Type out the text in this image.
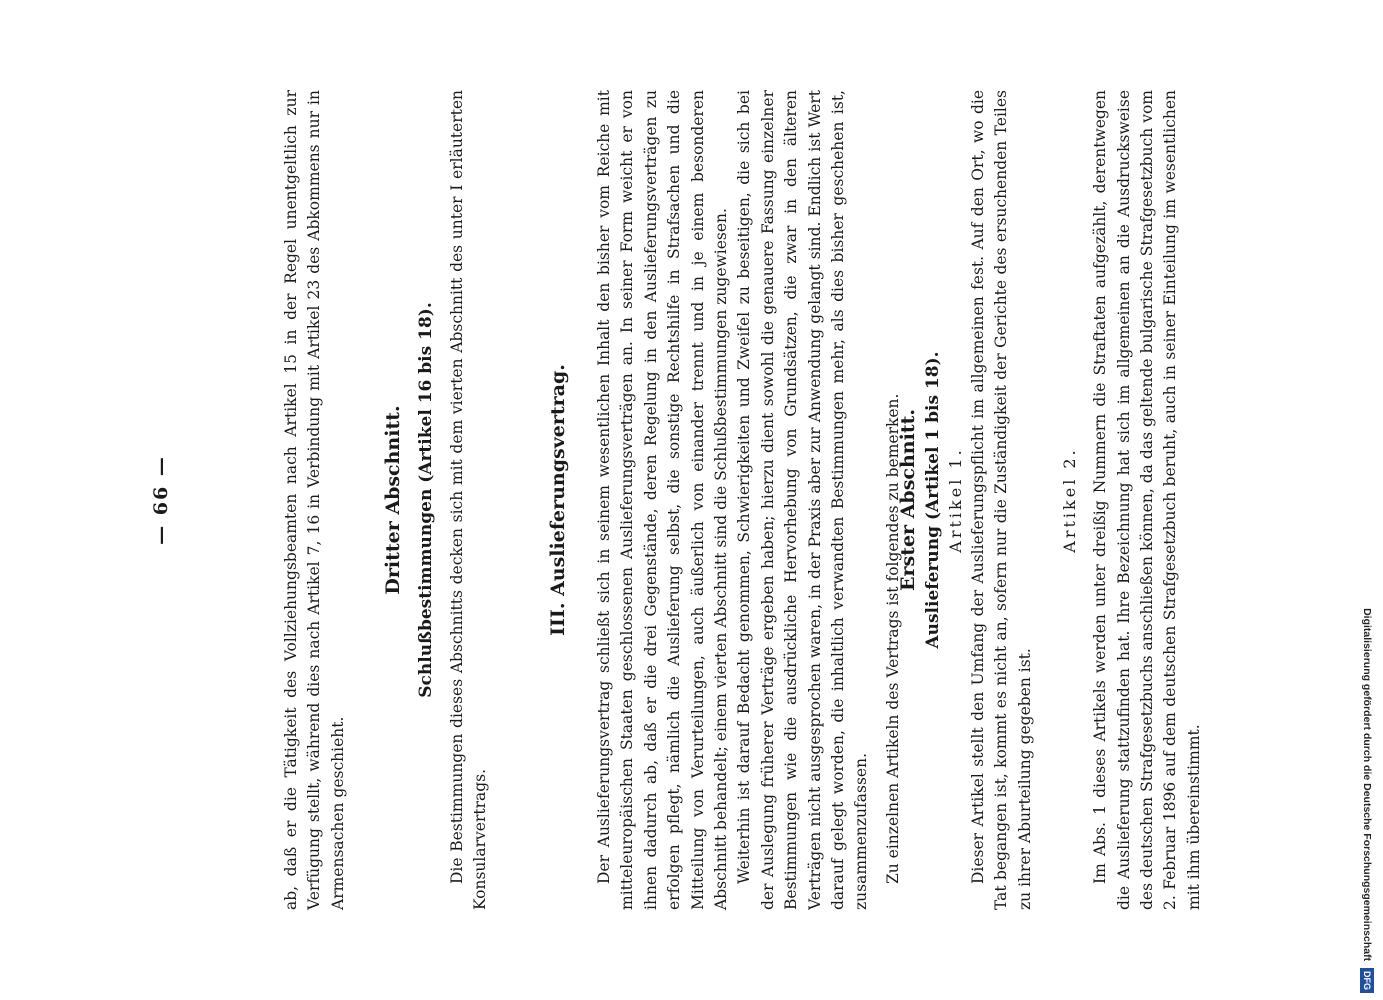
— 66 —	ab, daß er die Tätigkeit des Vollziehungsbeamten nach Artikel 15 in der Regel unentgeltlich zur Verfügung stellt, während dies nach Artikel 7, 16 in Verbindung mit Artikel 23 des Abkommens nur in Armensachen geschieht.

Dritter Abschnitt. Schlußbestimmungen (Artikel 16 bis 18). Die Bestimmungen dieses Abschnitts decken sich mit dem vierten Abschnitt des unter I erläuterten Konsularvertrags.

III. Auslieferungsvertrag. Der Auslieferungsvertrag schließt sich in seinem wesentlichen Inhalt den bisher vom Reiche mit mitteleuropäischen Staaten geschlossenen Auslieferungsverträgen an. In seiner Form weicht er von ihnen dadurch ab, daß er die drei Gegenstände, deren Regelung in den Auslieferungsverträgen zu erfolgen pflegt, nämlich die Auslieferung selbst, die sonstige Rechtshilfe in Strafsachen und die Mitteilung von Verurteilungen, auch äußerlich von einander trennt und in je einem besonderen Abschnitt behandelt; einem vierten Abschnitt sind die Schlußbestimmungen zugewiesen. Weiterhin ist darauf Bedacht genommen, Schwierigkeiten und Zweifel zu beseitigen, die sich bei der Auslegung früherer Verträge ergeben haben; hierzu dient sowohl die genauere Fassung einzelner Bestimmungen wie die ausdrückliche Hervorhebung von Grundsätzen, die zwar in den älteren Verträgen nicht ausgesprochen waren, in der Praxis aber zur Anwendung gelangt sind. Endlich ist Wert darauf gelegt worden, die inhaltlich verwandten Bestimmungen mehr, als dies bisher geschehen ist, zusammenzufassen. Zu einzelnen Artikeln des Vertrags ist folgendes zu bemerken.

Erster Abschnitt. Auslieferung (Artikel 1 bis 18). Artikel 1. Dieser Artikel stellt den Umfang der Auslieferungspflicht im allgemeinen fest. Auf den Ort, wo die Tat begangen ist, kommt es nicht an, sofern nur die Zuständigkeit der Gerichte des ersuchenden Teiles zu ihrer Aburteilung gegeben ist.

Artikel 2. Im Abs. 1 dieses Artikels werden unter dreißig Nummern die Straftaten aufgezählt, derentwegen die Auslieferung stattzufinden hat. Ihre Bezeichnung hat sich im allgemeinen an die Ausdrucksweise des deutschen Strafgesetzbuchs anschließen können, da das geltende bulgarische Strafgesetzbuch vom 2. Februar 1896 auf dem deutschen Strafgesetzbuch beruht, auch in seiner Einteilung im wesentlichen mit ihm übereinstimmt.	Digitalisierung gefördert durch die Deutsche Forschungsgemeinschaft DFG
